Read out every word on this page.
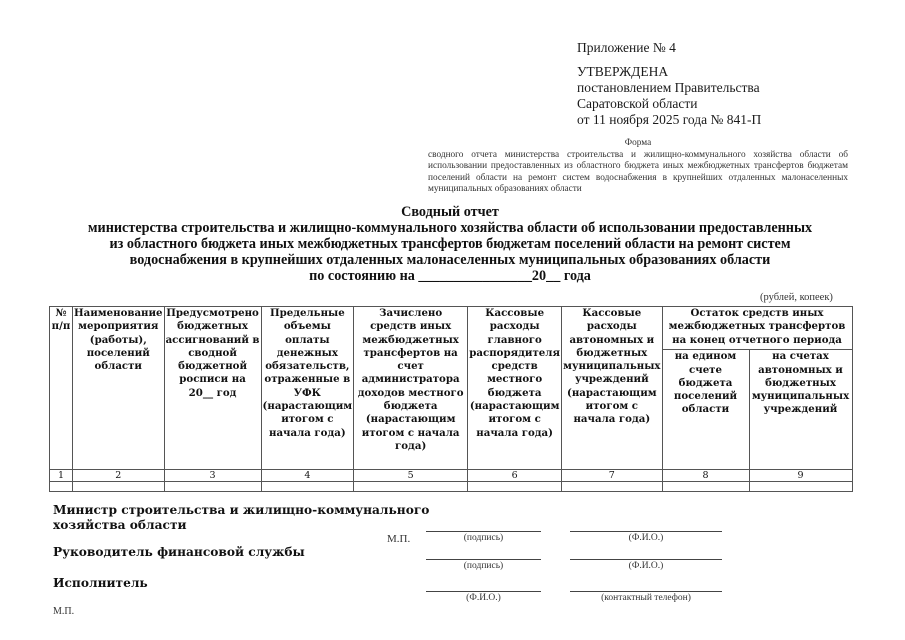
Приложение № 4
УТВЕРЖДЕНА
постановлением Правительства
Саратовской области
от 11 ноября 2025 года № 841-П
Форма
сводного отчета министерства строительства и жилищно-коммунального хозяйства области об использовании предоставленных из областного бюджета иных межбюджетных трансфертов бюджетам поселений области на ремонт систем водоснабжения в крупнейших отдаленных малонаселенных муниципальных образованиях области
Сводный отчет
министерства строительства и жилищно-коммунального хозяйства области об использовании предоставленных
из областного бюджета иных межбюджетных трансфертов бюджетам поселений области на ремонт систем
водоснабжения в крупнейших отдаленных малонаселенных муниципальных образованиях области
по состоянию на ________________20__ года
(рублей, копеек)
№ п/п	Наименование мероприятия (работы), поселений области	Предусмотрено бюджетных ассигнований в сводной бюджетной росписи на 20__ год	Предельные объемы оплаты денежных обязательств, отраженные в УФК (нарастающим итогом с начала года)	Зачислено средств иных межбюджетных трансфертов на счет администратора доходов местного бюджета (нарастающим итогом с начала года)	Кассовые расходы главного распорядителя средств местного бюджета (нарастающим итогом с начала года)	Кассовые расходы автономных и бюджетных муниципальных учреждений (нарастающим итогом с начала года)	Остаток средств иных межбюджетных трансфертов на конец отчетного периода	
							на едином счете бюджета поселений области	на счетах автономных и бюджетных муниципальных учреждений
1	2	3	4	5	6	7	8	9

Министр строительства и жилищно-коммунального
хозяйства области
М.П.
Руководитель финансовой службы
Исполнитель
М.П.
(подпись)	(Ф.И.О.)
(подпись)	(Ф.И.О.)
(Ф.И.О.)	(контактный телефон)
